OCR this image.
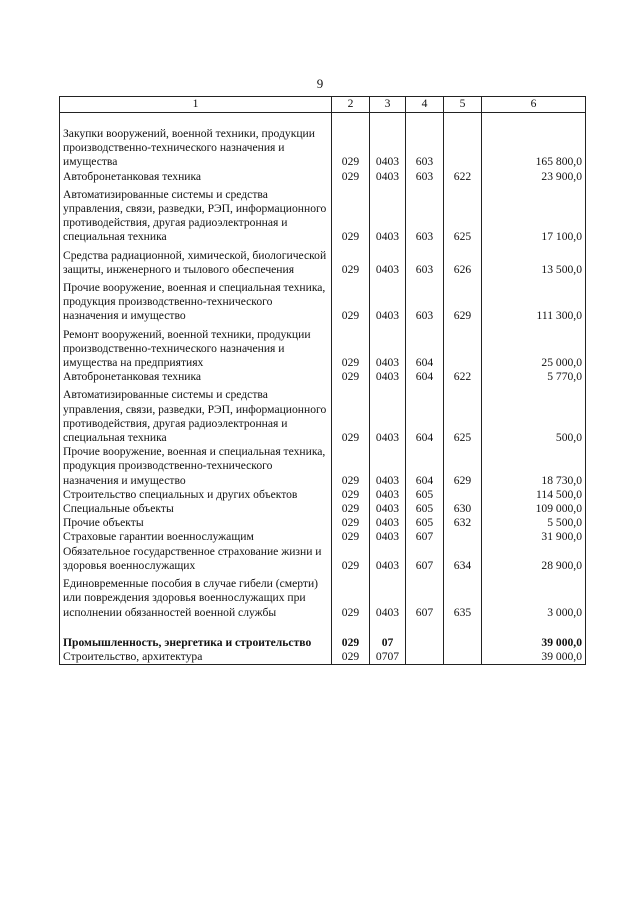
9
1	2	3	4	5	6
Закупки вооружений, военной техники, продукции производственно-технического назначения и имущества	029	0403	603		165 800,0
Автобронетанковая техника	029	0403	603	622	23 900,0
Автоматизированные системы и средства управления, связи, разведки, РЭП, информационного противодействия, другая радиоэлектронная и специальная техника	029	0403	603	625	17 100,0
Средства радиационной, химической, биологической защиты, инженерного и тылового обеспечения	029	0403	603	626	13 500,0
Прочие вооружение, военная и специальная техника, продукция производственно-технического назначения и имущество	029	0403	603	629	111 300,0
Ремонт вооружений, военной техники, продукции производственно-технического назначения и имущества на предприятиях	029	0403	604		25 000,0
Автобронетанковая техника	029	0403	604	622	5 770,0
Автоматизированные системы и средства управления, связи, разведки, РЭП, информационного противодействия, другая радиоэлектронная и специальная техника	029	0403	604	625	500,0
Прочие вооружение, военная и специальная техника, продукция производственно-технического назначения и имущество	029	0403	604	629	18 730,0
Строительство специальных и других объектов	029	0403	605		114 500,0
Специальные объекты	029	0403	605	630	109 000,0
Прочие объекты	029	0403	605	632	5 500,0
Страховые гарантии военнослужащим	029	0403	607		31 900,0
Обязательное государственное страхование жизни и здоровья военнослужащих	029	0403	607	634	28 900,0
Единовременные пособия в случае гибели (смерти) или повреждения здоровья военнослужащих при исполнении обязанностей военной службы	029	0403	607	635	3 000,0
Промышленность, энергетика и строительство	029	07			39 000,0
Строительство, архитектура	029	0707			39 000,0
